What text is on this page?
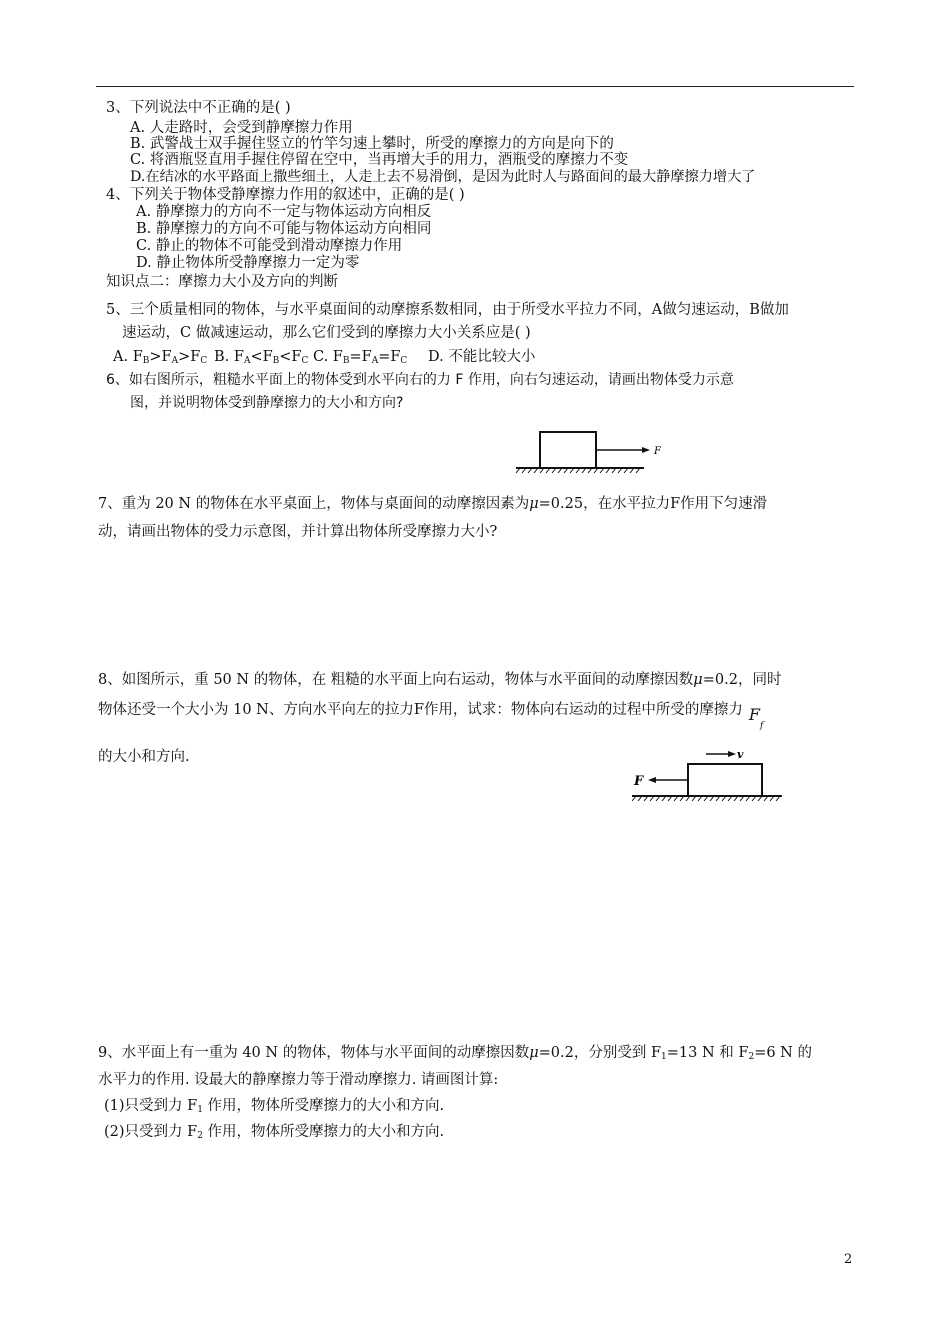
3、下列说法中不正确的是( )
A. 人走路时，会受到静摩擦力作用
B. 武警战士双手握住竖立的竹竿匀速上攀时，所受的摩擦力的方向是向下的
C. 将酒瓶竖直用手握住停留在空中，当再增大手的用力，酒瓶受的摩擦力不变
D.在结冰的水平路面上撒些细土，人走上去不易滑倒，是因为此时人与路面间的最大静摩擦力增大了
4、下列关于物体受静摩擦力作用的叙述中，正确的是( )
A. 静摩擦力的方向不一定与物体运动方向相反
B. 静摩擦力的方向不可能与物体运动方向相同
C. 静止的物体不可能受到滑动摩擦力作用
D. 静止物体所受静摩擦力一定为零
知识点二：摩擦力大小及方向的判断
5、三个质量相同的物体，与水平桌面间的动摩擦系数相同，由于所受水平拉力不同，A做匀速运动，B做加
速运动，C 做减速运动，那么它们受到的摩擦力大小关系应是( )
A. $F_B>F_A>F_C$ B. $F_A<F_B<F_C$ C. $F_B=F_A=F_C$ D. 不能比较大小
6、如右图所示，粗糙水平面上的物体受到水平向右的力 F 作用，向右匀速运动，请画出物体受力示意
图，并说明物体受到静摩擦力的大小和方向?
F
7、重为 20 N 的物体在水平桌面上，物体与桌面间的动摩擦因素为μ=0.25，在水平拉力F作用下匀速滑
动，请画出物体的受力示意图，并计算出物体所受摩擦力大小?
8、如图所示，重 50 N 的物体，在 粗糙的水平面上向右运动，物体与水平面间的动摩擦因数μ=0.2，同时
物体还受一个大小为 10 N、方向水平向左的拉力F作用，试求：物体向右运动的过程中所受的摩擦力 $F_f$
的大小和方向.
F
v
9、水平面上有一重为 40 N 的物体，物体与水平面间的动摩擦因数μ=0.2，分别受到 $F_1=13$ N 和 $F_2=6$ N 的
水平力的作用. 设最大的静摩擦力等于滑动摩擦力. 请画图计算:
(1)只受到力 $F_1$ 作用，物体所受摩擦力的大小和方向.
(2)只受到力 $F_2$ 作用，物体所受摩擦力的大小和方向.
2
